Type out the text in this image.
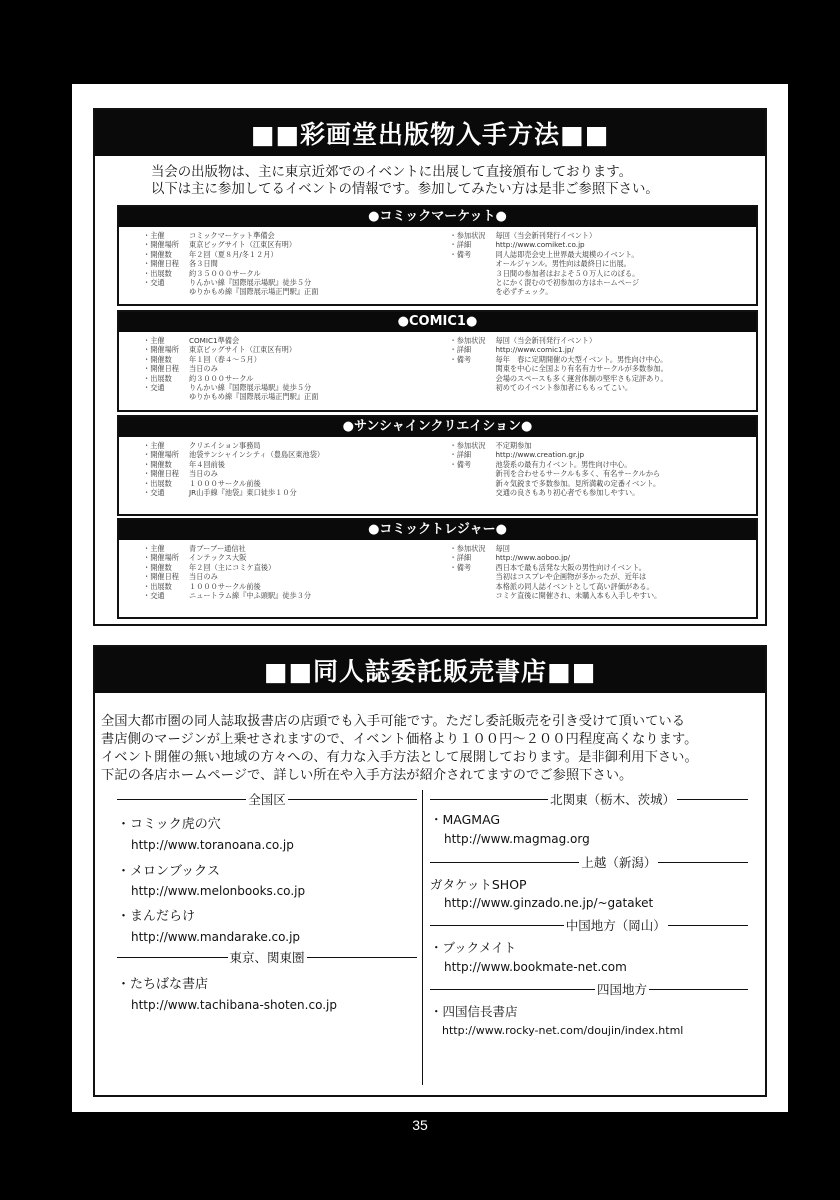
■■彩画堂出版物入手方法■■
当会の出版物は、主に東京近郊でのイベントに出展して直接頒布しております。
以下は主に参加してるイベントの情報です。参加してみたい方は是非ご参照下さい。
●コミックマーケット●
・主催	コミックマーケット準備会
・開催場所	東京ビッグサイト（江東区有明）
・開催数	年２回（夏８月/冬１２月）
・開催日程	各３日間
・出展数	約３５０００サークル
・交通	りんかい線『国際展示場駅』徒歩５分
ゆりかもめ線『国際展示場正門駅』正面
・参加状況	毎回（当会新刊発行イベント）
・詳細	http://www.comiket.co.jp
・備考	同人誌即売会史上世界最大規模のイベント。
オールジャンル。男性向は最終日に出展。
３日間の参加者はおよそ５０万人にのぼる。
とにかく混むので初参加の方はホームページ
を必ずチェック。
●COMIC1●
・主催	COMIC1準備会
・開催場所	東京ビッグサイト（江東区有明）
・開催数	年１回（春４～５月）
・開催日程	当日のみ
・出展数	約３０００サークル
・交通	りんかい線『国際展示場駅』徒歩５分
ゆりかもめ線『国際展示場正門駅』正面
・参加状況	毎回（当会新刊発行イベント）
・詳細	http://www.comic1.jp/
・備考	毎年　春に定期開催の大型イベント。男性向け中心。
関東を中心に全国より有名有力サークルが多数参加。
会場のスペースも多く運営体制の堅牢さも定評あり。
初めてのイベント参加者にももってこい。
●サンシャインクリエイション●
・主催	クリエイション事務局
・開催場所	池袋サンシャインシティ（豊島区東池袋）
・開催数	年４回前後
・開催日程	当日のみ
・出展数	１０００サークル前後
・交通	JR山手線『池袋』東口徒歩１０分
・参加状況	不定期参加
・詳細	http://www.creation.gr.jp
・備考	池袋系の最有力イベント。男性向け中心。
新刊を合わせるサークルも多く、有名サークルから
新々気鋭まで多数参加。見所満載の定番イベント。
交通の良さもあり初心者でも参加しやすい。
●コミックトレジャー●
・主催	青ブーブー通信社
・開催場所	インテックス大阪
・開催数	年２回（主にコミケ直後）
・開催日程	当日のみ
・出展数	１０００サークル前後
・交通	ニュートラム線『中ふ頭駅』徒歩３分
・参加状況	毎回
・詳細	http://www.aoboo.jp/
・備考	西日本で最も活発な大阪の男性向けイベント。
当初はコスプレや企画物が多かったが、近年は
本格派の同人誌イベントとして高い評価がある。
コミケ直後に開催され、未購入本も入手しやすい。
■■同人誌委託販売書店■■
全国大都市圏の同人誌取扱書店の店頭でも入手可能です。ただし委託販売を引き受けて頂いている
書店側のマージンが上乗せされますので、イベント価格より１００円～２００円程度高くなります。
イベント開催の無い地域の方々への、有力な入手方法として展開しております。是非御利用下さい。
下記の各店ホームページで、詳しい所在や入手方法が紹介されてますのでご参照下さい。
全国区
・コミック虎の穴
http://www.toranoana.co.jp
・メロンブックス
http://www.melonbooks.co.jp
・まんだらけ
http://www.mandarake.co.jp
東京、関東圏
・たちばな書店
http://www.tachibana-shoten.co.jp
北関東（栃木、茨城）
・MAGMAG
http://www.magmag.org
上越（新潟）
ガタケットSHOP
http://www.ginzado.ne.jp/~gataket
中国地方（岡山）
・ブックメイト
http://www.bookmate-net.com
四国地方
・四国信長書店
http://www.rocky-net.com/doujin/index.html
35
